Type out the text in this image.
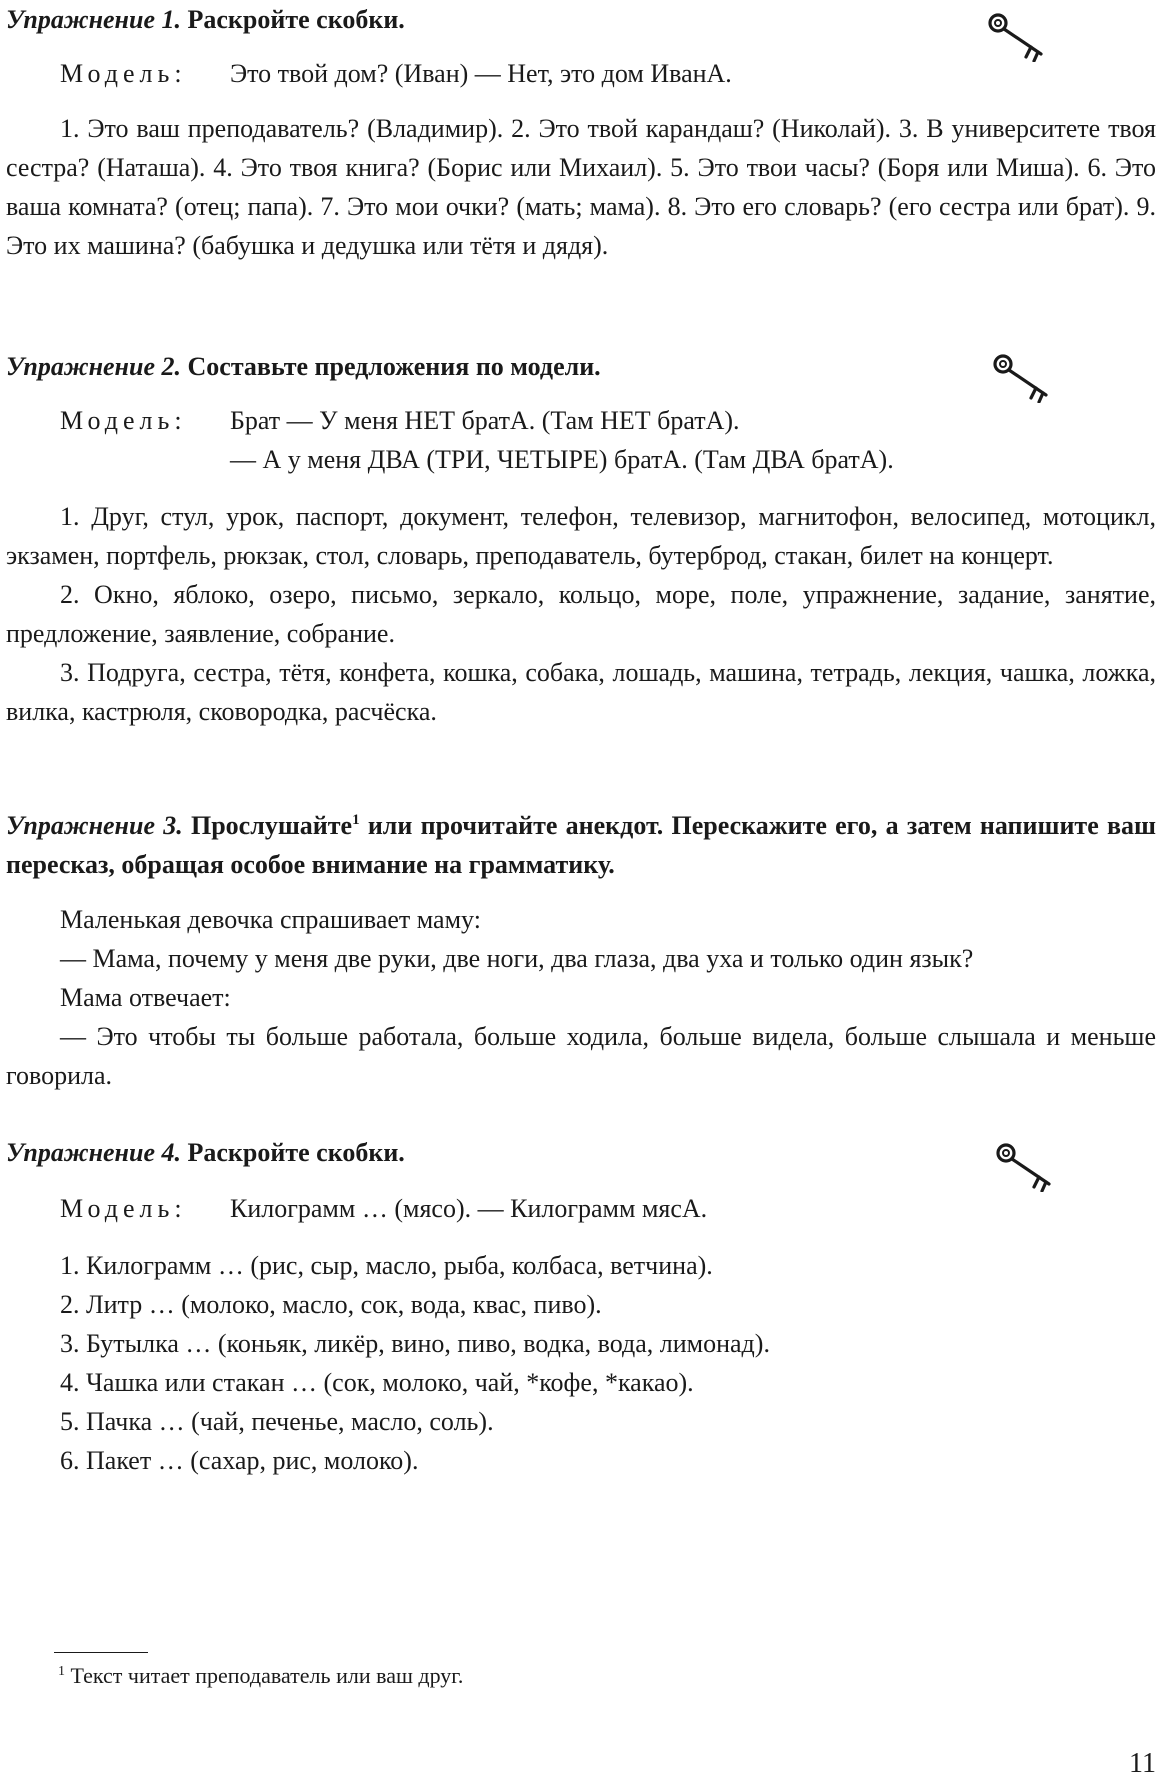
Упражнение 1. Раскройте скобки.

Модель:	Это твой дом? (Иван) — Нет, это дом ИванА.

1. Это ваш преподаватель? (Владимир). 2. Это твой карандаш? (Николай). 3. В университете твоя сестра? (Наташа). 4. Это твоя книга? (Борис или Михаил). 5. Это твои часы? (Боря или Миша). 6. Это ваша комната? (отец; папа). 7. Это мои очки? (мать; мама). 8. Это его словарь? (его сестра или брат). 9. Это их машина? (бабушка и дедушка или тётя и дядя).

Упражнение 2. Составьте предложения по модели.

Модель:	Брат — У меня НЕТ братА. (Там НЕТ братА).
— А у меня ДВА (ТРИ, ЧЕТЫРЕ) братА. (Там ДВА братА).

1. Друг, стул, урок, паспорт, документ, телефон, телевизор, магнитофон, велосипед, мотоцикл, экзамен, портфель, рюкзак, стол, словарь, преподаватель, бутерброд, стакан, билет на концерт.

2. Окно, яблоко, озеро, письмо, зеркало, кольцо, море, поле, упражнение, задание, занятие, предложение, заявление, собрание.

3. Подруга, сестра, тётя, конфета, кошка, собака, лошадь, машина, тетрадь, лекция, чашка, ложка, вилка, кастрюля, сковородка, расчёска.

Упражнение 3. Прослушайте$^1$ или прочитайте анекдот. Перескажите его, а затем напишите ваш пересказ, обращая особое внимание на грамматику.

Маленькая девочка спрашивает маму:

— Мама, почему у меня две руки, две ноги, два глаза, два уха и только один язык?

Мама отвечает:

— Это чтобы ты больше работала, больше ходила, больше видела, больше слышала и меньше говорила.

Упражнение 4. Раскройте скобки.

Модель:	Килограмм … (мясо). — Килограмм мясА.

1. Килограмм … (рис, сыр, масло, рыба, колбаса, ветчина).

2. Литр … (молоко, масло, сок, вода, квас, пиво).

3. Бутылка … (коньяк, ликёр, вино, пиво, водка, вода, лимонад).

4. Чашка или стакан … (сок, молоко, чай, *кофе, *какао).

5. Пачка … (чай, печенье, масло, соль).

6. Пакет … (сахар, рис, молоко).

$^1$ Текст читает преподаватель или ваш друг.
11
